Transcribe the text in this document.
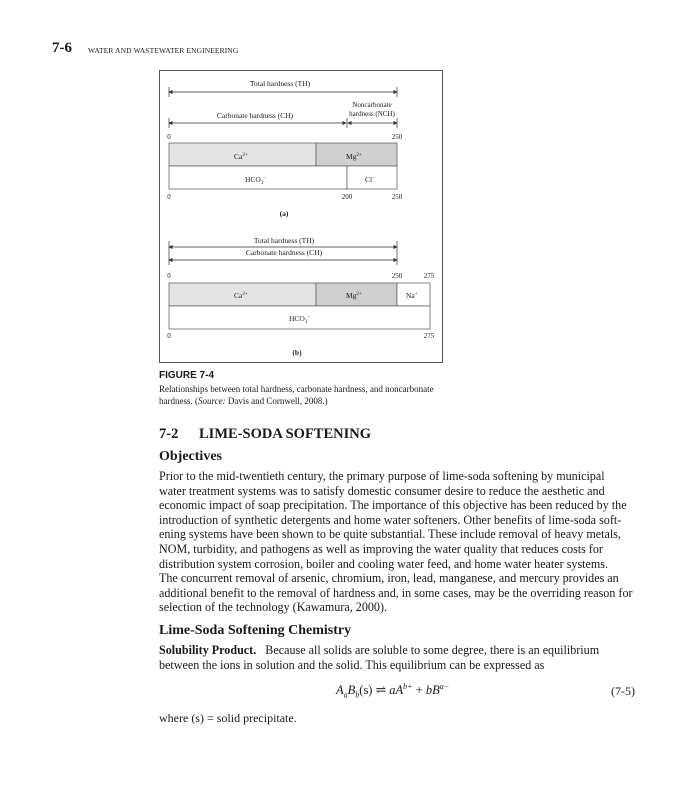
7-6 WATER AND WASTEWATER ENGINEERING
Total hardness (TH)
Noncarbonate
hardness (NCH)
Carbonate hardness (CH)
0	250
$Ca^{2+}$	$Mg^{2+}$
$HCO_3^-$	Cl−
0	200	250
(a)
Total hardness (TH)
Carbonate hardness (CH)
0	250	275
$Ca^{2+}$	$Mg^{2+}$	Na+
$HCO_3^-$
0	275
(b)
FIGURE 7-4
Relationships between total hardness, carbonate hardness, and noncarbonate hardness. (Source: Davis and Cornwell, 2008.)
7-2 LIME-SODA SOFTENING
Objectives
Prior to the mid-twentieth century, the primary purpose of lime-soda softening by municipal
water treatment systems was to satisfy domestic consumer desire to reduce the aesthetic and
economic impact of soap precipitation. The importance of this objective has been reduced by the
introduction of synthetic detergents and home water softeners. Other benefits of lime-soda soft-
ening systems have been shown to be quite substantial. These include removal of heavy metals,
NOM, turbidity, and pathogens as well as improving the water quality that reduces costs for
distribution system corrosion, boiler and cooling water feed, and home water heater systems.
The concurrent removal of arsenic, chromium, iron, lead, manganese, and mercury provides an
additional benefit to the removal of hardness and, in some cases, may be the overriding reason for
selection of the technology (Kawamura, 2000).
Lime-Soda Softening Chemistry
Solubility Product. Because all solids are soluble to some degree, there is an equilibrium
between the ions in solution and the solid. This equilibrium can be expressed as
$A_aB_b(s)$ ⇌ $aA^{b+} + bB^{a-}$	(7-5)
where (s) = solid precipitate.
